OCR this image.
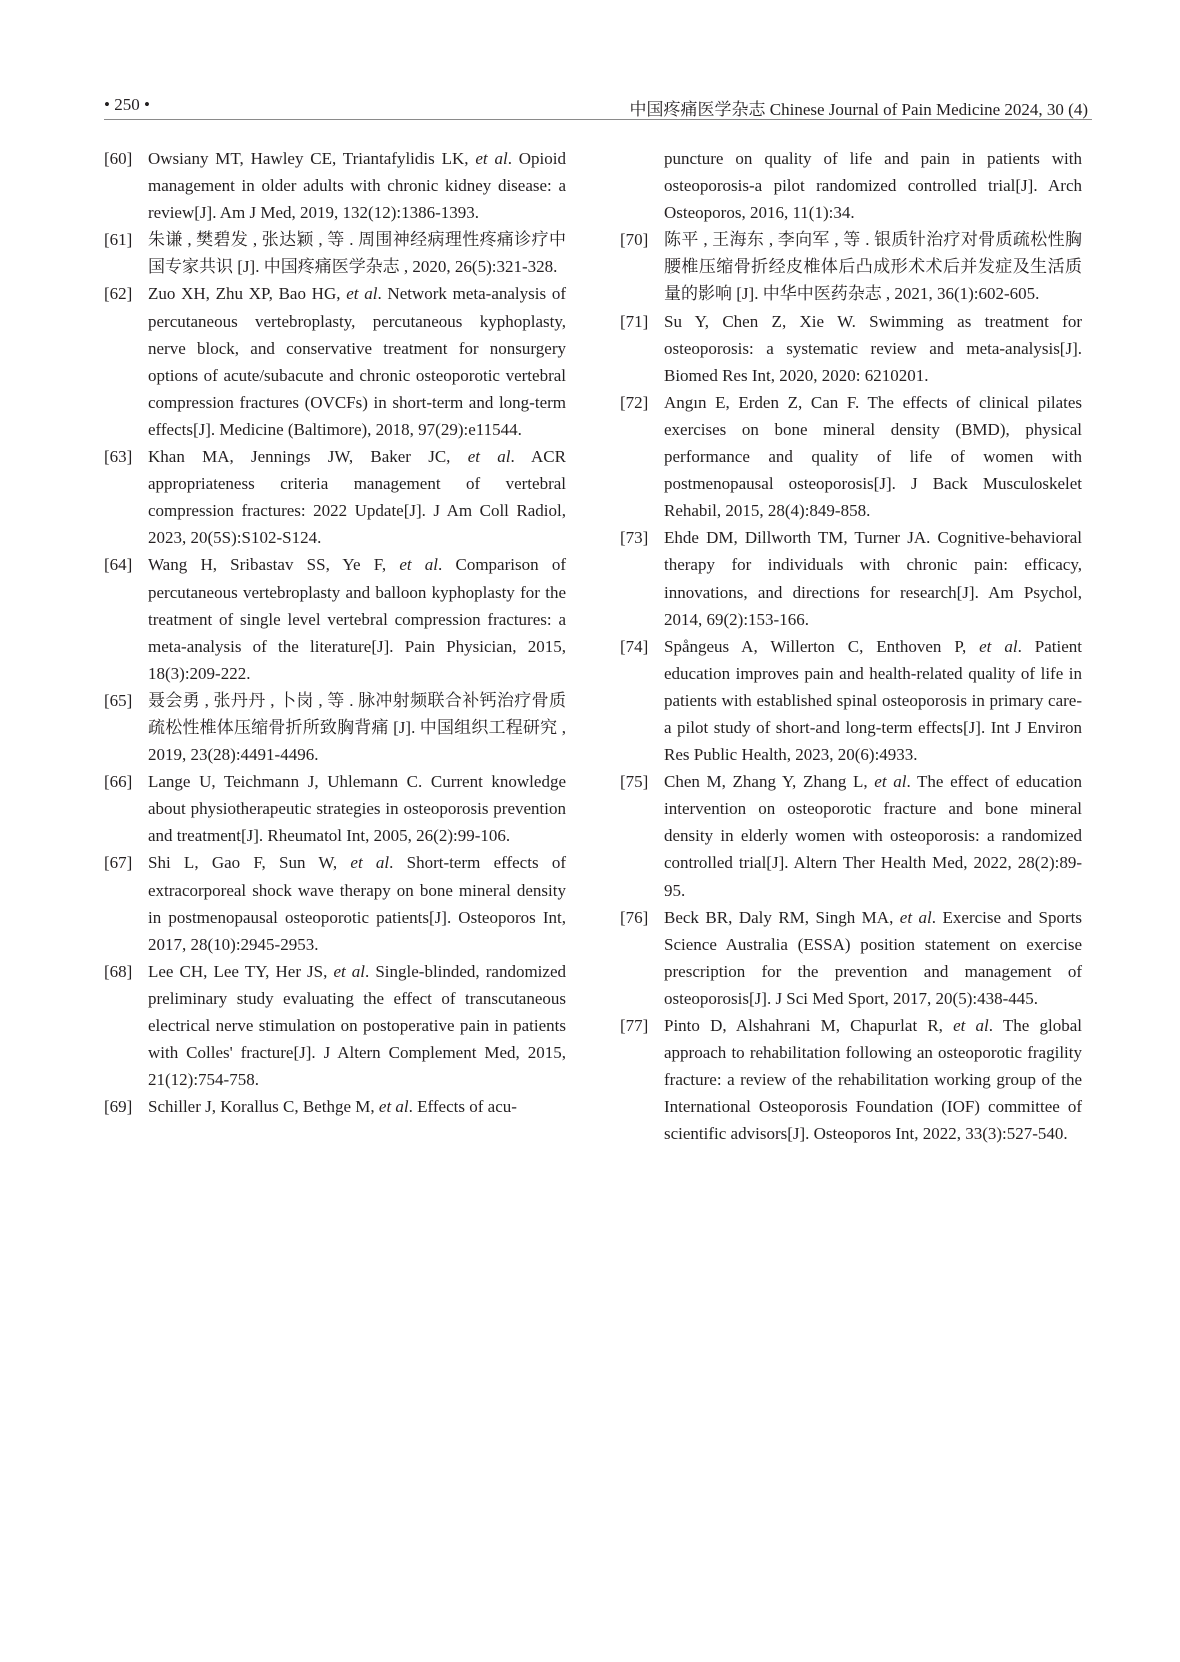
• 250 •	中国疼痛医学杂志 Chinese Journal of Pain Medicine 2024, 30 (4)
[60] Owsiany MT, Hawley CE, Triantafylidis LK, et al. Opioid management in older adults with chronic kidney disease: a review[J]. Am J Med, 2019, 132(12):1386-1393.
[61] 朱谦 , 樊碧发 , 张达颖 , 等 . 周围神经病理性疼痛诊疗中国专家共识 [J]. 中国疼痛医学杂志 , 2020, 26(5):321-328.
[62] Zuo XH, Zhu XP, Bao HG, et al. Network meta-analysis of percutaneous vertebroplasty, percutaneous kyphoplasty, nerve block, and conservative treatment for nonsurgery options of acute/subacute and chronic osteoporotic vertebral compression fractures (OVCFs) in short-term and long-term effects[J]. Medicine (Baltimore), 2018, 97(29):e11544.
[63] Khan MA, Jennings JW, Baker JC, et al. ACR appropriateness criteria management of vertebral compression fractures: 2022 Update[J]. J Am Coll Radiol, 2023, 20(5S):S102-S124.
[64] Wang H, Sribastav SS, Ye F, et al. Comparison of percutaneous vertebroplasty and balloon kyphoplasty for the treatment of single level vertebral compression fractures: a meta-analysis of the literature[J]. Pain Physician, 2015, 18(3):209-222.
[65] 聂会勇 , 张丹丹 , 卜岗 , 等 . 脉冲射频联合补钙治疗骨质疏松性椎体压缩骨折所致胸背痛 [J]. 中国组织工程研究 , 2019, 23(28):4491-4496.
[66] Lange U, Teichmann J, Uhlemann C. Current knowledge about physiotherapeutic strategies in osteoporosis prevention and treatment[J]. Rheumatol Int, 2005, 26(2):99-106.
[67] Shi L, Gao F, Sun W, et al. Short-term effects of extracorporeal shock wave therapy on bone mineral density in postmenopausal osteoporotic patients[J]. Osteoporos Int, 2017, 28(10):2945-2953.
[68] Lee CH, Lee TY, Her JS, et al. Single-blinded, randomized preliminary study evaluating the effect of transcutaneous electrical nerve stimulation on postoperative pain in patients with Colles' fracture[J]. J Altern Complement Med, 2015, 21(12):754-758.
[69] Schiller J, Korallus C, Bethge M, et al. Effects of acu-
puncture on quality of life and pain in patients with osteoporosis-a pilot randomized controlled trial[J]. Arch Osteoporos, 2016, 11(1):34.
[70] 陈平 , 王海东 , 李向军 , 等 . 银质针治疗对骨质疏松性胸腰椎压缩骨折经皮椎体后凸成形术术后并发症及生活质量的影响 [J]. 中华中医药杂志 , 2021, 36(1):602-605.
[71] Su Y, Chen Z, Xie W. Swimming as treatment for osteoporosis: a systematic review and meta-analysis[J]. Biomed Res Int, 2020, 2020: 6210201.
[72] Angın E, Erden Z, Can F. The effects of clinical pilates exercises on bone mineral density (BMD), physical performance and quality of life of women with postmenopausal osteoporosis[J]. J Back Musculoskelet Rehabil, 2015, 28(4):849-858.
[73] Ehde DM, Dillworth TM, Turner JA. Cognitive-behavioral therapy for individuals with chronic pain: efficacy, innovations, and directions for research[J]. Am Psychol, 2014, 69(2):153-166.
[74] Spångeus A, Willerton C, Enthoven P, et al. Patient education improves pain and health-related quality of life in patients with established spinal osteoporosis in primary care-a pilot study of short-and long-term effects[J]. Int J Environ Res Public Health, 2023, 20(6):4933.
[75] Chen M, Zhang Y, Zhang L, et al. The effect of education intervention on osteoporotic fracture and bone mineral density in elderly women with osteoporosis: a randomized controlled trial[J]. Altern Ther Health Med, 2022, 28(2):89-95.
[76] Beck BR, Daly RM, Singh MA, et al. Exercise and Sports Science Australia (ESSA) position statement on exercise prescription for the prevention and management of osteoporosis[J]. J Sci Med Sport, 2017, 20(5):438-445.
[77] Pinto D, Alshahrani M, Chapurlat R, et al. The global approach to rehabilitation following an osteoporotic fragility fracture: a review of the rehabilitation working group of the International Osteoporosis Foundation (IOF) committee of scientific advisors[J]. Osteoporos Int, 2022, 33(3):527-540.
